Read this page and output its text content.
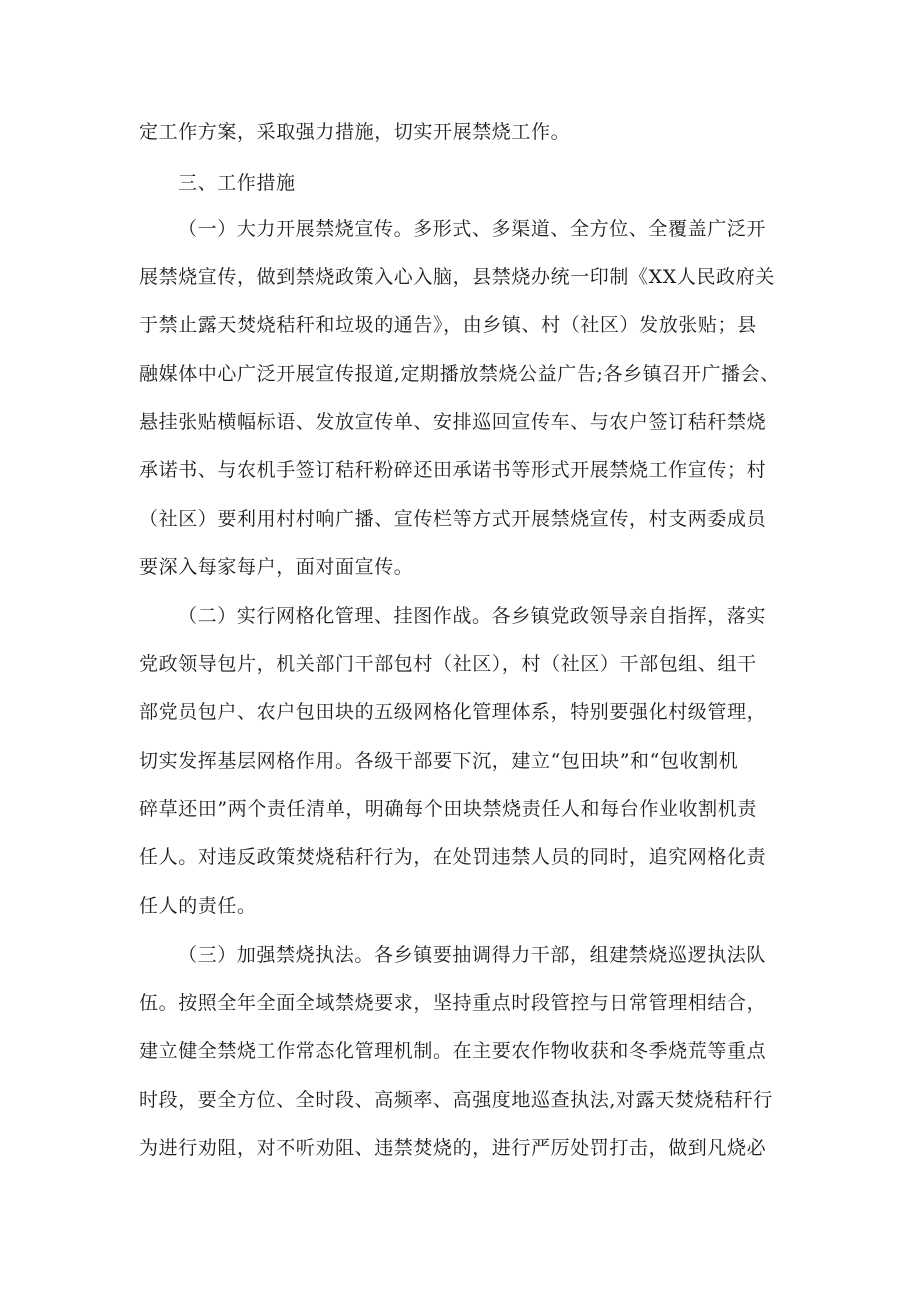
定工作方案，采取强力措施，切实开展禁烧工作。
三、工作措施
（一）大力开展禁烧宣传。多形式、多渠道、全方位、全覆盖广泛开
展禁烧宣传，做到禁烧政策入心入脑，县禁烧办统一印制《XX人民政府关
于禁止露天焚烧秸秆和垃圾的通告》，由乡镇、村（社区）发放张贴；县
融媒体中心广泛开展宣传报道,定期播放禁烧公益广告;各乡镇召开广播会、
悬挂张贴横幅标语、发放宣传单、安排巡回宣传车、与农户签订秸秆禁烧
承诺书、与农机手签订秸秆粉碎还田承诺书等形式开展禁烧工作宣传；村
（社区）要利用村村响广播、宣传栏等方式开展禁烧宣传，村支两委成员
要深入每家每户，面对面宣传。
（二）实行网格化管理、挂图作战。各乡镇党政领导亲自指挥，落实
党政领导包片，机关部门干部包村（社区），村（社区）干部包组、组干
部党员包户、农户包田块的五级网格化管理体系，特别要强化村级管理，
切实发挥基层网格作用。各级干部要下沉，建立“包田块”和“包收割机
碎草还田”两个责任清单，明确每个田块禁烧责任人和每台作业收割机责
任人。对违反政策焚烧秸秆行为，在处罚违禁人员的同时，追究网格化责
任人的责任。
（三）加强禁烧执法。各乡镇要抽调得力干部，组建禁烧巡逻执法队
伍。按照全年全面全域禁烧要求，坚持重点时段管控与日常管理相结合，
建立健全禁烧工作常态化管理机制。在主要农作物收获和冬季烧荒等重点
时段，要全方位、全时段、高频率、高强度地巡查执法,对露天焚烧秸秆行
为进行劝阻，对不听劝阻、违禁焚烧的，进行严厉处罚打击，做到凡烧必
